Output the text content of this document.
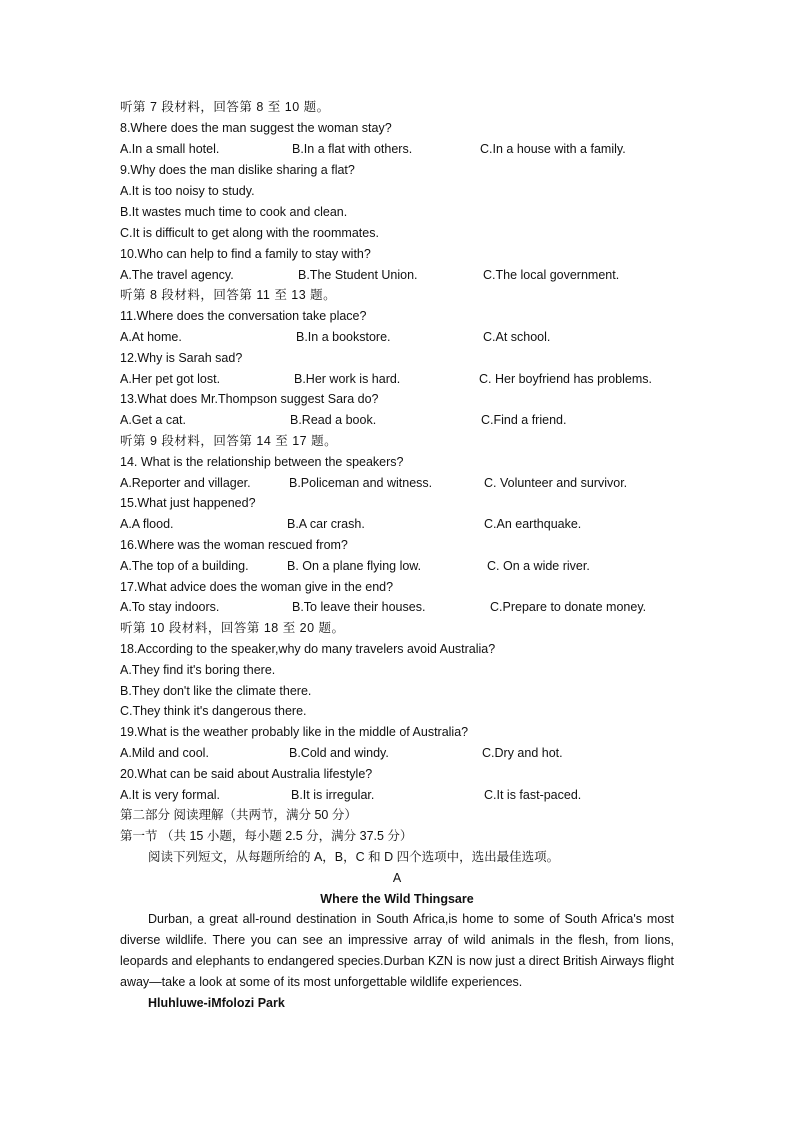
听第 7 段材料，回答第 8 至 10 题。
8.Where does the man suggest the woman stay?
A.In a small hotel.	B.In a flat with others.	C.In a house with a family.
9.Why does the man dislike sharing a flat?
A.It is too noisy to study.
B.It wastes much time to cook and clean.
C.It is difficult to get along with the roommates.
10.Who can help to find a family to stay with?
A.The travel agency.	B.The Student Union.	C.The local government.
听第 8 段材料，回答第 11 至 13 题。
11.Where does the conversation take place?
A.At home.	B.In a bookstore.	C.At school.
12.Why is Sarah sad?
A.Her pet got lost.	B.Her work is hard.	C. Her boyfriend has problems.
13.What does Mr.Thompson suggest Sara do?
A.Get a cat.	B.Read a book.	C.Find a friend.
听第 9 段材料，回答第 14 至 17 题。
14. What is the relationship between the speakers?
A.Reporter and villager.	B.Policeman and witness.	C. Volunteer and survivor.
15.What just happened?
A.A flood.	B.A car crash.	C.An earthquake.
16.Where was the woman rescued from?
A.The top of a building.	B. On a plane flying low.	C. On a wide river.
17.What advice does the woman give in the end?
A.To stay indoors.	B.To leave their houses.	C.Prepare to donate money.
听第 10 段材料，回答第 18 至 20 题。
18.According to the speaker,why do many travelers avoid Australia?
A.They find it's boring there.
B.They don't like the climate there.
C.They think it's dangerous there.
19.What is the weather probably like in the middle of Australia?
A.Mild and cool.	B.Cold and windy.	C.Dry and hot.
20.What can be said about Australia lifestyle?
A.It is very formal.	B.It is irregular.	C.It is fast-paced.
第二部分 阅读理解（共两节，满分 50 分）
第一节 （共 15 小题，每小题 2.5 分，满分 37.5 分）
阅读下列短文，从每题所给的 A，B，C 和 D 四个选项中，选出最佳选项。
A
Where the Wild Thingsare
Durban, a great all-round destination in South Africa,is home to some of South Africa's most diverse wildlife. There you can see an impressive array of wild animals in the flesh, from lions, leopards and elephants to endangered species.Durban KZN is now just a direct British Airways flight away—take a look at some of its most unforgettable wildlife experiences.
Hluhluwe-iMfolozi Park
